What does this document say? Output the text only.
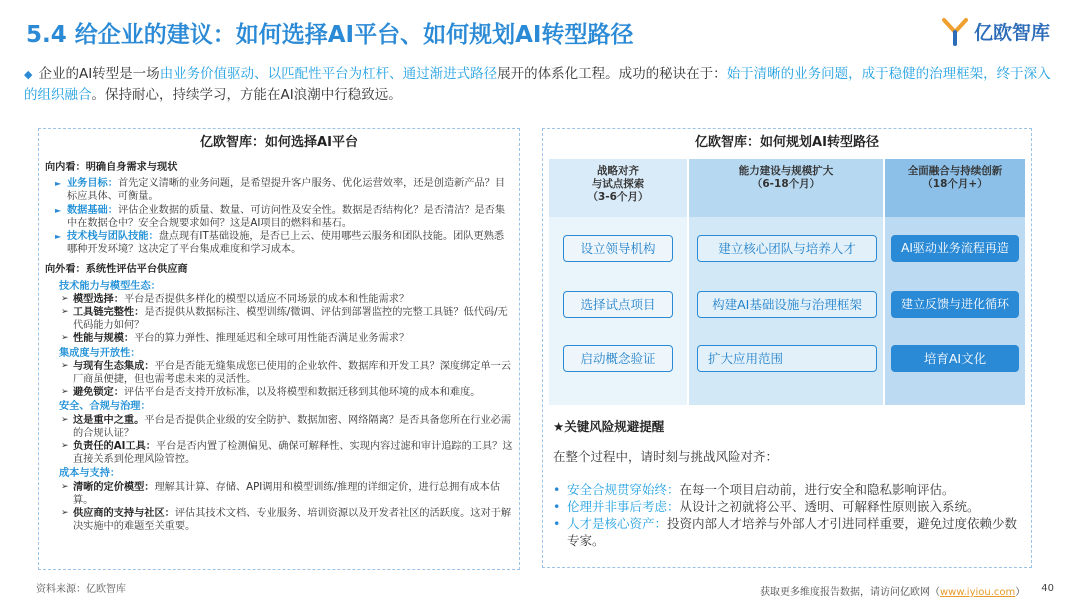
5.4 给企业的建议：如何选择AI平台、如何规划AI转型路径	亿欧智库
◆ 企业的AI转型是一场由业务价值驱动、以匹配性平台为杠杆、通过渐进式路径展开的体系化工程。成功的秘诀在于：始于清晰的业务问题，成于稳健的治理框架，终于深入的组织融合。保持耐心，持续学习，方能在AI浪潮中行稳致远。
亿欧智库：如何选择AI平台
向内看：明确自身需求与现状
► 业务目标：首先定义清晰的业务问题，是希望提升客户服务、优化运营效率，还是创造新产品？目标应具体、可衡量。
► 数据基础：评估企业数据的质量、数量、可访问性及安全性。数据是否结构化？是否清洁？是否集中在数据仓中？安全合规要求如何？这是AI项目的燃料和基石。
► 技术栈与团队技能：盘点现有IT基础设施，是否已上云、使用哪些云服务和团队技能。团队更熟悉哪种开发环境？这决定了平台集成难度和学习成本。
向外看：系统性评估平台供应商
技术能力与模型生态：
➢ 模型选择：平台是否提供多样化的模型以适应不同场景的成本和性能需求？
➢ 工具链完整性：是否提供从数据标注、模型训练/微调、评估到部署监控的完整工具链？低代码/无代码能力如何？
➢ 性能与规模：平台的算力弹性、推理延迟和全球可用性能否满足业务需求？
集成度与开放性：
➢ 与现有生态集成：平台是否能无缝集成您已使用的企业软件、数据库和开发工具？深度绑定单一云厂商虽便捷，但也需考虑未来的灵活性。
➢ 避免锁定：评估平台是否支持开放标准，以及将模型和数据迁移到其他环境的成本和难度。
安全、合规与治理：
➢ 这是重中之重。平台是否提供企业级的安全防护、数据加密、网络隔离？是否具备您所在行业必需的合规认证？
➢ 负责任的AI工具：平台是否内置了检测偏见、确保可解释性、实现内容过滤和审计追踪的工具？这直接关系到伦理风险管控。
成本与支持：
➢ 清晰的定价模型：理解其计算、存储、API调用和模型训练/推理的详细定价，进行总拥有成本估算。
➢ 供应商的支持与社区：评估其技术文档、专业服务、培训资源以及开发者社区的活跃度。这对于解决实施中的难题至关重要。
亿欧智库：如何规划AI转型路径
战略对齐
与试点探索
（3-6个月）
能力建设与规模扩大
（6-18个月）
全面融合与持续创新
（18个月+）
设立领导机构
选择试点项目
启动概念验证
建立核心团队与培养人才
构建AI基础设施与治理框架
扩大应用范围
AI驱动业务流程再造
建立反馈与进化循环
培育AI文化
★关键风险规避提醒
在整个过程中，请时刻与挑战风险对齐：
• 安全合规贯穿始终：在每一个项目启动前，进行安全和隐私影响评估。
• 伦理并非事后考虑：从设计之初就将公平、透明、可解释性原则嵌入系统。
• 人才是核心资产：投资内部人才培养与外部人才引进同样重要，避免过度依赖少数专家。
资料来源：亿欧智库	获取更多维度报告数据，请访问亿欧网（www.iyiou.com） 40
